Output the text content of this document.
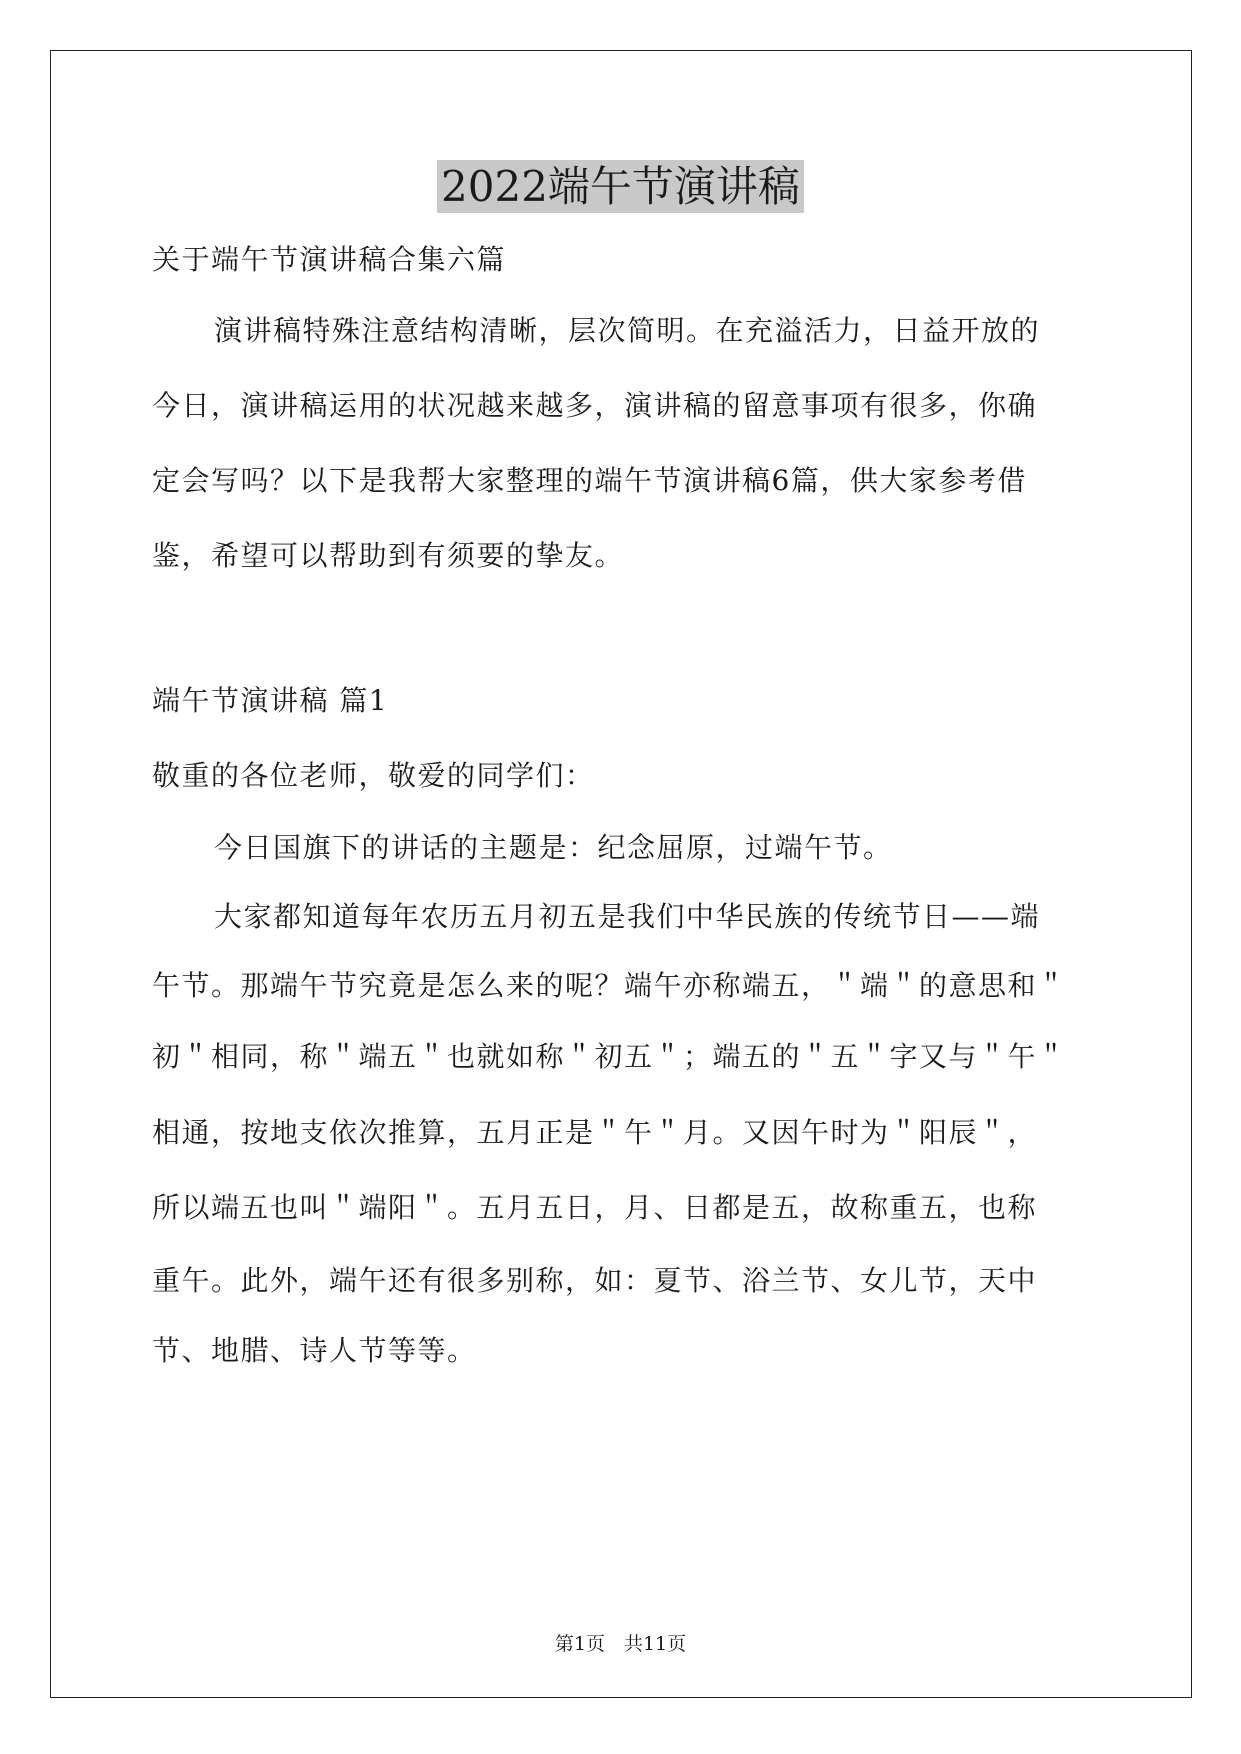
2022端午节演讲稿

关于端午节演讲稿合集六篇

演讲稿特殊注意结构清晰，层次简明。在充溢活力，日益开放的

今日，演讲稿运用的状况越来越多，演讲稿的留意事项有很多，你确

定会写吗？以下是我帮大家整理的端午节演讲稿6篇，供大家参考借

鉴，希望可以帮助到有须要的挚友。

端午节演讲稿 篇1

敬重的各位老师，敬爱的同学们：

今日国旗下的讲话的主题是：纪念屈原，过端午节。

大家都知道每年农历五月初五是我们中华民族的传统节日——端

午节。那端午节究竟是怎么来的呢？端午亦称端五，＂端＂的意思和＂

初＂相同，称＂端五＂也就如称＂初五＂；端五的＂五＂字又与＂午＂

相通，按地支依次推算，五月正是＂午＂月。又因午时为＂阳辰＂，

所以端五也叫＂端阳＂。五月五日，月、日都是五，故称重五，也称

重午。此外，端午还有很多别称，如：夏节、浴兰节、女儿节，天中

节、地腊、诗人节等等。

第1页　共11页
